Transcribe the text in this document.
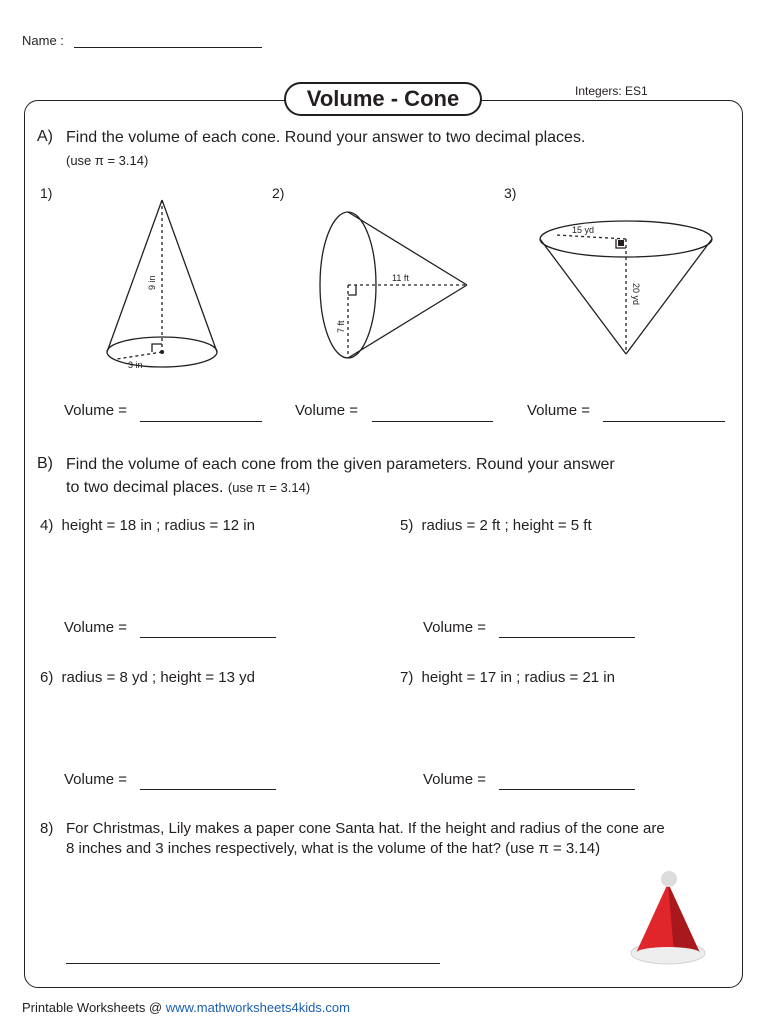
Name :
Volume - Cone	Integers: ES1
A) Find the volume of each cone. Round your answer to two decimal places.
(use π = 3.14)
1)	2)	3)
9 in
3 in
11 ft
7 ft
15 yd
20 yd
Volume =	Volume =	Volume =
B) Find the volume of each cone from the given parameters. Round your answer
to two decimal places. (use π = 3.14)
4) height = 18 in ; radius = 12 in
Volume =
5) radius = 2 ft ; height = 5 ft
Volume =
6) radius = 8 yd ; height = 13 yd
Volume =
7) height = 17 in ; radius = 21 in
Volume =
8) For Christmas, Lily makes a paper cone Santa hat. If the height and radius of the cone are
8 inches and 3 inches respectively, what is the volume of the hat? (use π = 3.14)
Printable Worksheets @ www.mathworksheets4kids.com
